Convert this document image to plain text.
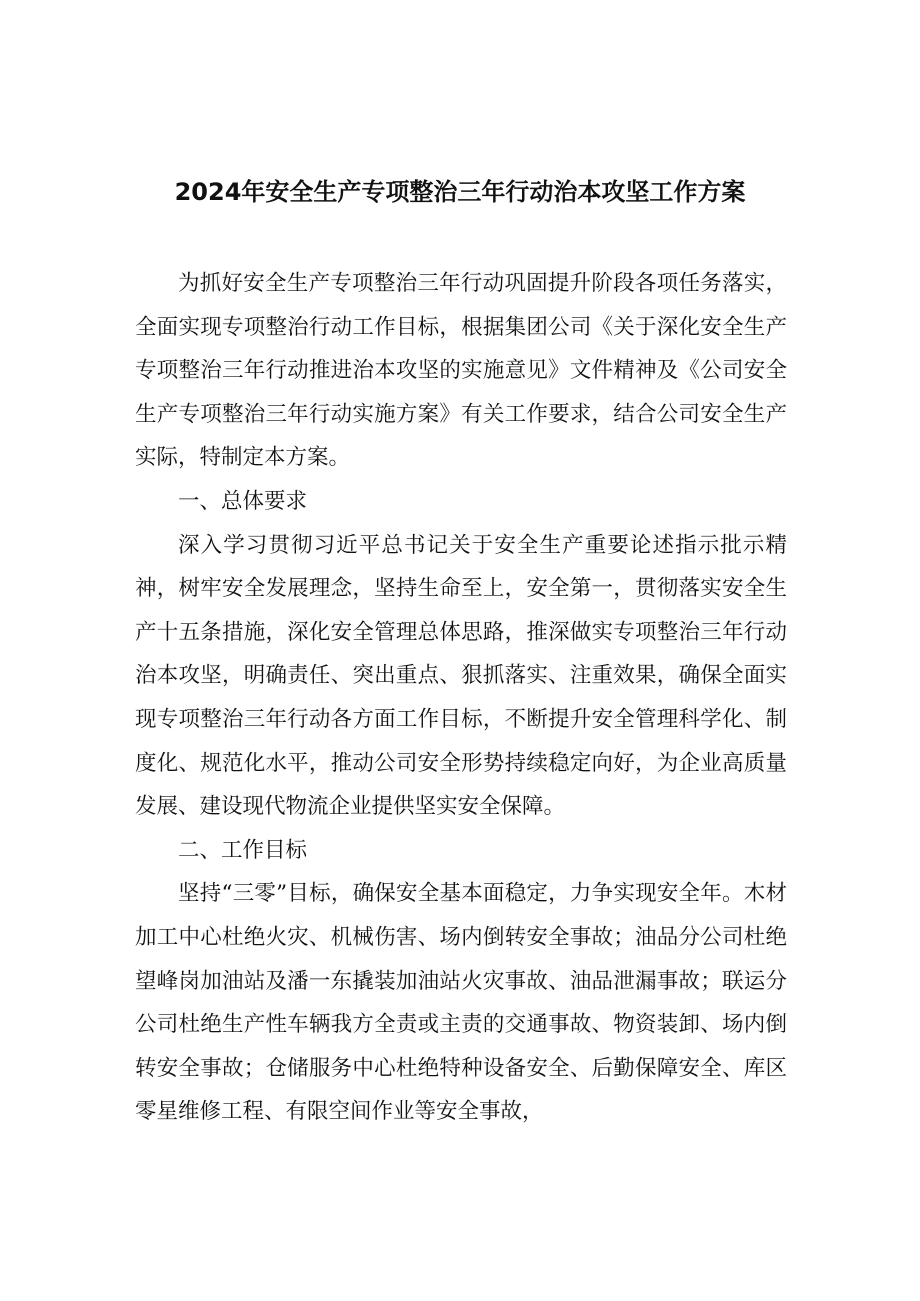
2024年安全生产专项整治三年行动治本攻坚工作方案

为抓好安全生产专项整治三年行动巩固提升阶段各项任务落实，全面实现专项整治行动工作目标，根据集团公司《关于深化安全生产专项整治三年行动推进治本攻坚的实施意见》文件精神及《公司安全生产专项整治三年行动实施方案》有关工作要求，结合公司安全生产实际，特制定本方案。

一、总体要求

深入学习贯彻习近平总书记关于安全生产重要论述指示批示精神，树牢安全发展理念，坚持生命至上，安全第一，贯彻落实安全生产十五条措施，深化安全管理总体思路，推深做实专项整治三年行动治本攻坚，明确责任、突出重点、狠抓落实、注重效果，确保全面实现专项整治三年行动各方面工作目标，不断提升安全管理科学化、制度化、规范化水平，推动公司安全形势持续稳定向好，为企业高质量发展、建设现代物流企业提供坚实安全保障。

二、工作目标

坚持“三零”目标，确保安全基本面稳定，力争实现安全年。木材加工中心杜绝火灾、机械伤害、场内倒转安全事故；油品分公司杜绝望峰岗加油站及潘一东撬装加油站火灾事故、油品泄漏事故；联运分公司杜绝生产性车辆我方全责或主责的交通事故、物资装卸、场内倒转安全事故；仓储服务中心杜绝特种设备安全、后勤保障安全、库区零星维修工程、有限空间作业等安全事故，
